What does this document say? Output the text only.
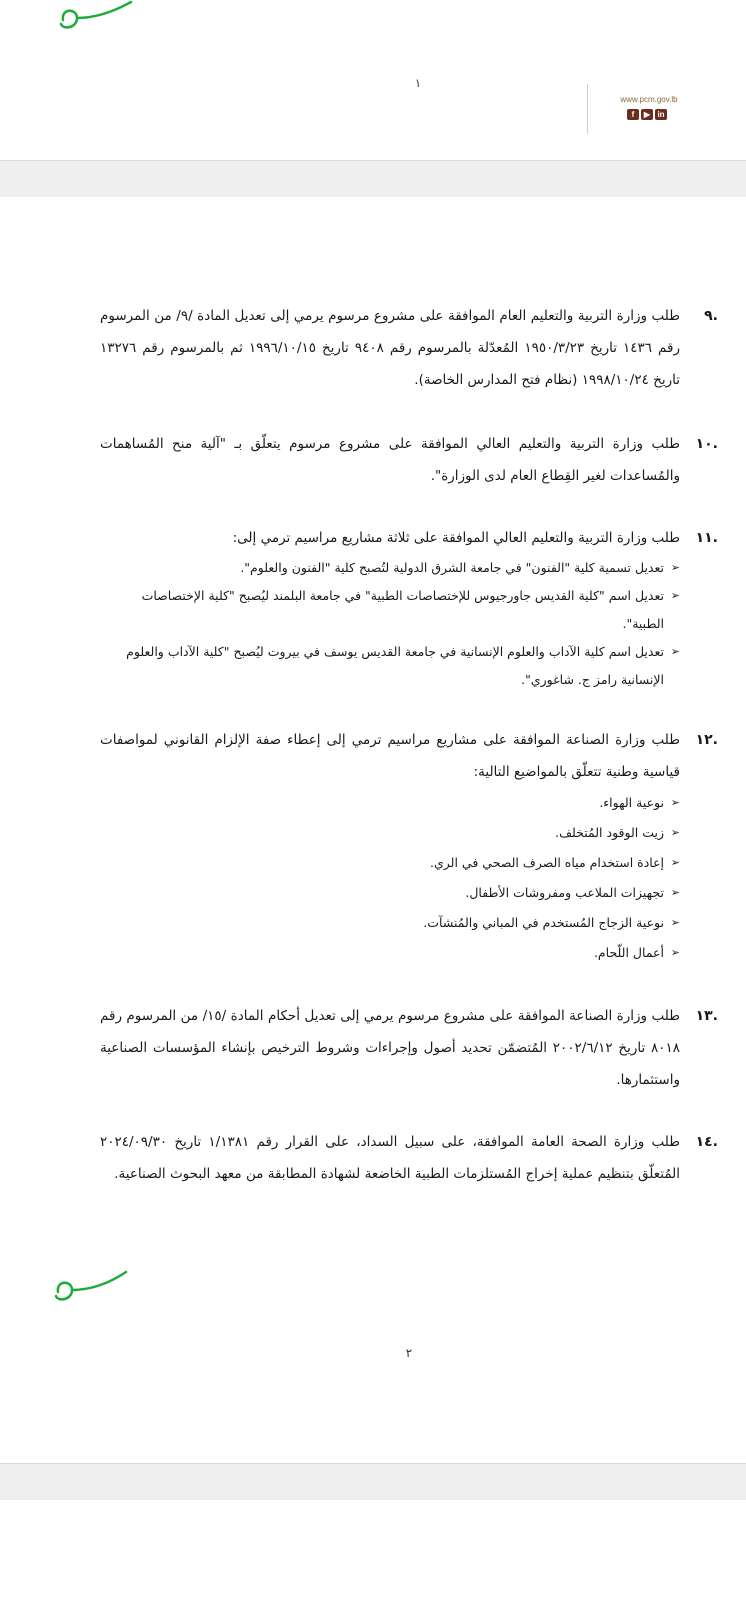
١
www.pcm.gov.lb
f	▶ in
.٩

طلب وزارة التربية والتعليم العام الموافقة على مشروع مرسوم يرمي إلى تعديل المادة /٩/ من المرسوم رقم ١٤٣٦ تاريخ ١٩٥٠/٣/٢٣ المُعدّلة بالمرسوم رقم ٩٤٠٨ تاريخ ١٩٩٦/١٠/١٥ ثم بالمرسوم رقم ١٣٢٧٦ تاريخ ١٩٩٨/١٠/٢٤ (نظام فتح المدارس الخاصة).

.١٠

طلب وزارة التربية والتعليم العالي الموافقة على مشروع مرسوم يتعلّق بـ "آلية منح المُساهمات والمُساعدات لغير القِطاع العام لدى الوزارة".

.١١

طلب وزارة التربية والتعليم العالي الموافقة على ثلاثة مشاريع مراسيم ترمي إلى:

➢
تعديل تسمية كلية "الفنون" في جامعة الشرق الدولية لتُصبح كلية "الفنون والعلوم".
➢
تعديل اسم "كلية القديس جاورجيوس للإختصاصات الطبية" في جامعة البلمند ليُصبح "كلية الإختصاصات الطبية".
➢
تعديل اسم كلية الآداب والعلوم الإنسانية في جامعة القديس يوسف في بيروت ليُصبح "كلية الآداب والعلوم الإنسانية رامز ج. شاغوري".
.١٢

طلب وزارة الصناعة الموافقة على مشاريع مراسيم ترمي إلى إعطاء صفة الإلزام القانوني لمواصفات قياسية وطنية تتعلّق بالمواضيع التالية:

➢
نوعية الهواء.
➢
زيت الوقود المُتخلف.
➢
إعادة استخدام مياه الصرف الصحي في الري.
➢
تجهيزات الملاعب ومفروشات الأطفال.
➢
نوعية الزجاج المُستخدم في المباني والمُنشآت.
➢
أعمال اللّحام.
.١٣

طلب وزارة الصناعة الموافقة على مشروع مرسوم يرمي إلى تعديل أحكام المادة /١٥/ من المرسوم رقم ٨٠١٨ تاريخ ٢٠٠٢/٦/١٢ المُتضمّن تحديد أصول وإجراءات وشروط الترخيص بإنشاء المؤسسات الصناعية واستثمارها.

.١٤

طلب وزارة الصحة العامة الموافقة، على سبيل السداد، على القرار رقم ١/١٣٨١ تاريخ ٢٠٢٤/٠٩/٣٠ المُتعلّق بتنظيم عملية إخراج المُستلزمات الطبية الخاضعة لشهادة المطابقة من معهد البحوث الصناعية.

٢
